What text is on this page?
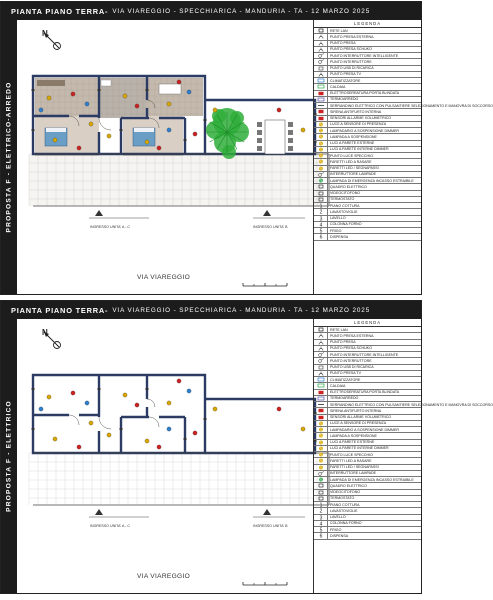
PIANTA PIANO TERRA- VIA VIAREGGIO - SPECCHIARICA - MANDURIA - TA - 12 MARZO 2025
PROPOSTA F - ELETTRICO-ARREDO
N
INGRESSO UNITA' A - C	INGRESSO UNITA' B
VIA VIAREGGIO
LEGENDA
RETE LAN
PUNTO PRESA ESTERNA
PUNTO PRESA
PUNTO PRESA SCHUKO
PUNTO INTERRUTTORE INTELLIGENTE
PUNTO INTERRUTTORE
PUNTO USB DI RICARICA
PUNTO PRESA TV
CLIMATIZZATORE
CALDAIA
ELETTROSERRATURA PORTA BLINDATA
TERMOARREDO
SERRANDINO ELETTRICO CON PULSANTIERE SELEZIONAMENTO E MANOVRA DI SOCCORSO
SIRENA ANTIFURTO INTERNA
SENSORI ALLARME VOLUMETRICO
LUCE A SENSORE DI PRESENZA
LAMPADARIO A SOSPENSIONE DIMMER
LAMPADA A SOSPENSIONE
LUCI A PARETE ESTERNE
LUCI A PARETE INTERNE DIMMER
PUNTO LUCE SPECCHIO
FARETTI LED A RASARE
FARETTI LED / SEGNAPASSI
INTERRUTTORE LAMPADE
LAMPADA DI EMERGENZA INCASSO ESTRAIBILE
QUADRO ELETTRICO
VIDEOCITOFONO
TERMOSTATO
1	PIANO COTTURA
2	LAVASTOVIGLIE
3	LAVELLO
4	COLONNA FORNO
5	FRIGO
6	DISPENSA
PIANTA PIANO TERRA- VIA VIAREGGIO - SPECCHIARICA - MANDURIA - TA - 12 MARZO 2025
PROPOSTA F - ELETTRICO
N
INGRESSO UNITA' A - C	INGRESSO UNITA' B
VIA VIAREGGIO
LEGENDA
RETE LAN
PUNTO PRESA ESTERNA
PUNTO PRESA
PUNTO PRESA SCHUKO
PUNTO INTERRUTTORE INTELLIGENTE
PUNTO INTERRUTTORE
PUNTO USB DI RICARICA
PUNTO PRESA TV
CLIMATIZZATORE
CALDAIA
ELETTROSERRATURA PORTA BLINDATA
TERMOARREDO
SERRANDINO ELETTRICO CON PULSANTIERE SELEZIONAMENTO E MANOVRA DI SOCCORSO
SIRENA ANTIFURTO INTERNA
SENSORI ALLARME VOLUMETRICO
LUCE A SENSORE DI PRESENZA
LAMPADARIO A SOSPENSIONE DIMMER
LAMPADA A SOSPENSIONE
LUCI A PARETE ESTERNE
LUCI A PARETE INTERNE DIMMER
PUNTO LUCE SPECCHIO
FARETTI LED A RASARE
FARETTI LED / SEGNAPASSI
INTERRUTTORE LAMPADE
LAMPADA DI EMERGENZA INCASSO ESTRAIBILE
QUADRO ELETTRICO
VIDEOCITOFONO
TERMOSTATO
1	PIANO COTTURA
2	LAVASTOVIGLIE
3	LAVELLO
4	COLONNA FORNO
5	FRIGO
6	DISPENSA
